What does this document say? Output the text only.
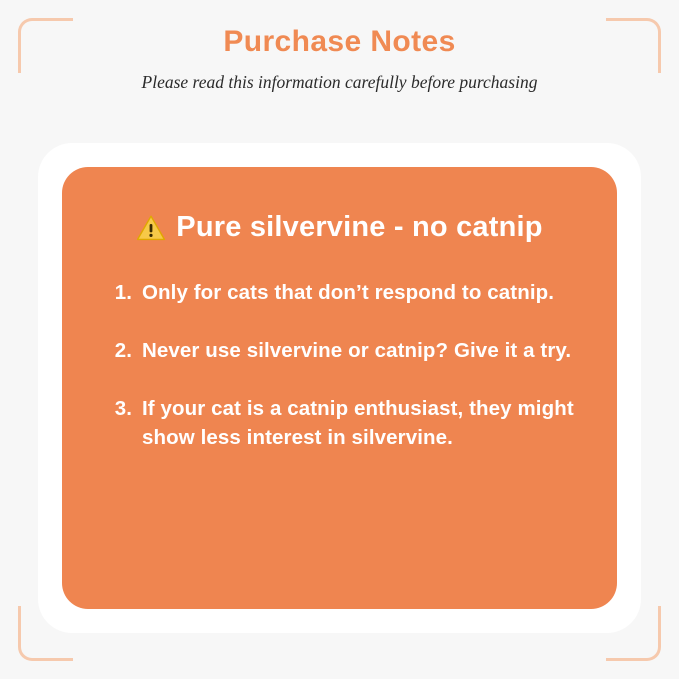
Purchase Notes

Please read this information carefully before purchasing

Pure silvervine - no catnip
1. Only for cats that don’t respond to catnip.
2. Never use silvervine or catnip? Give it a try.
3. If your cat is a catnip enthusiast, they might show less interest in silvervine.
